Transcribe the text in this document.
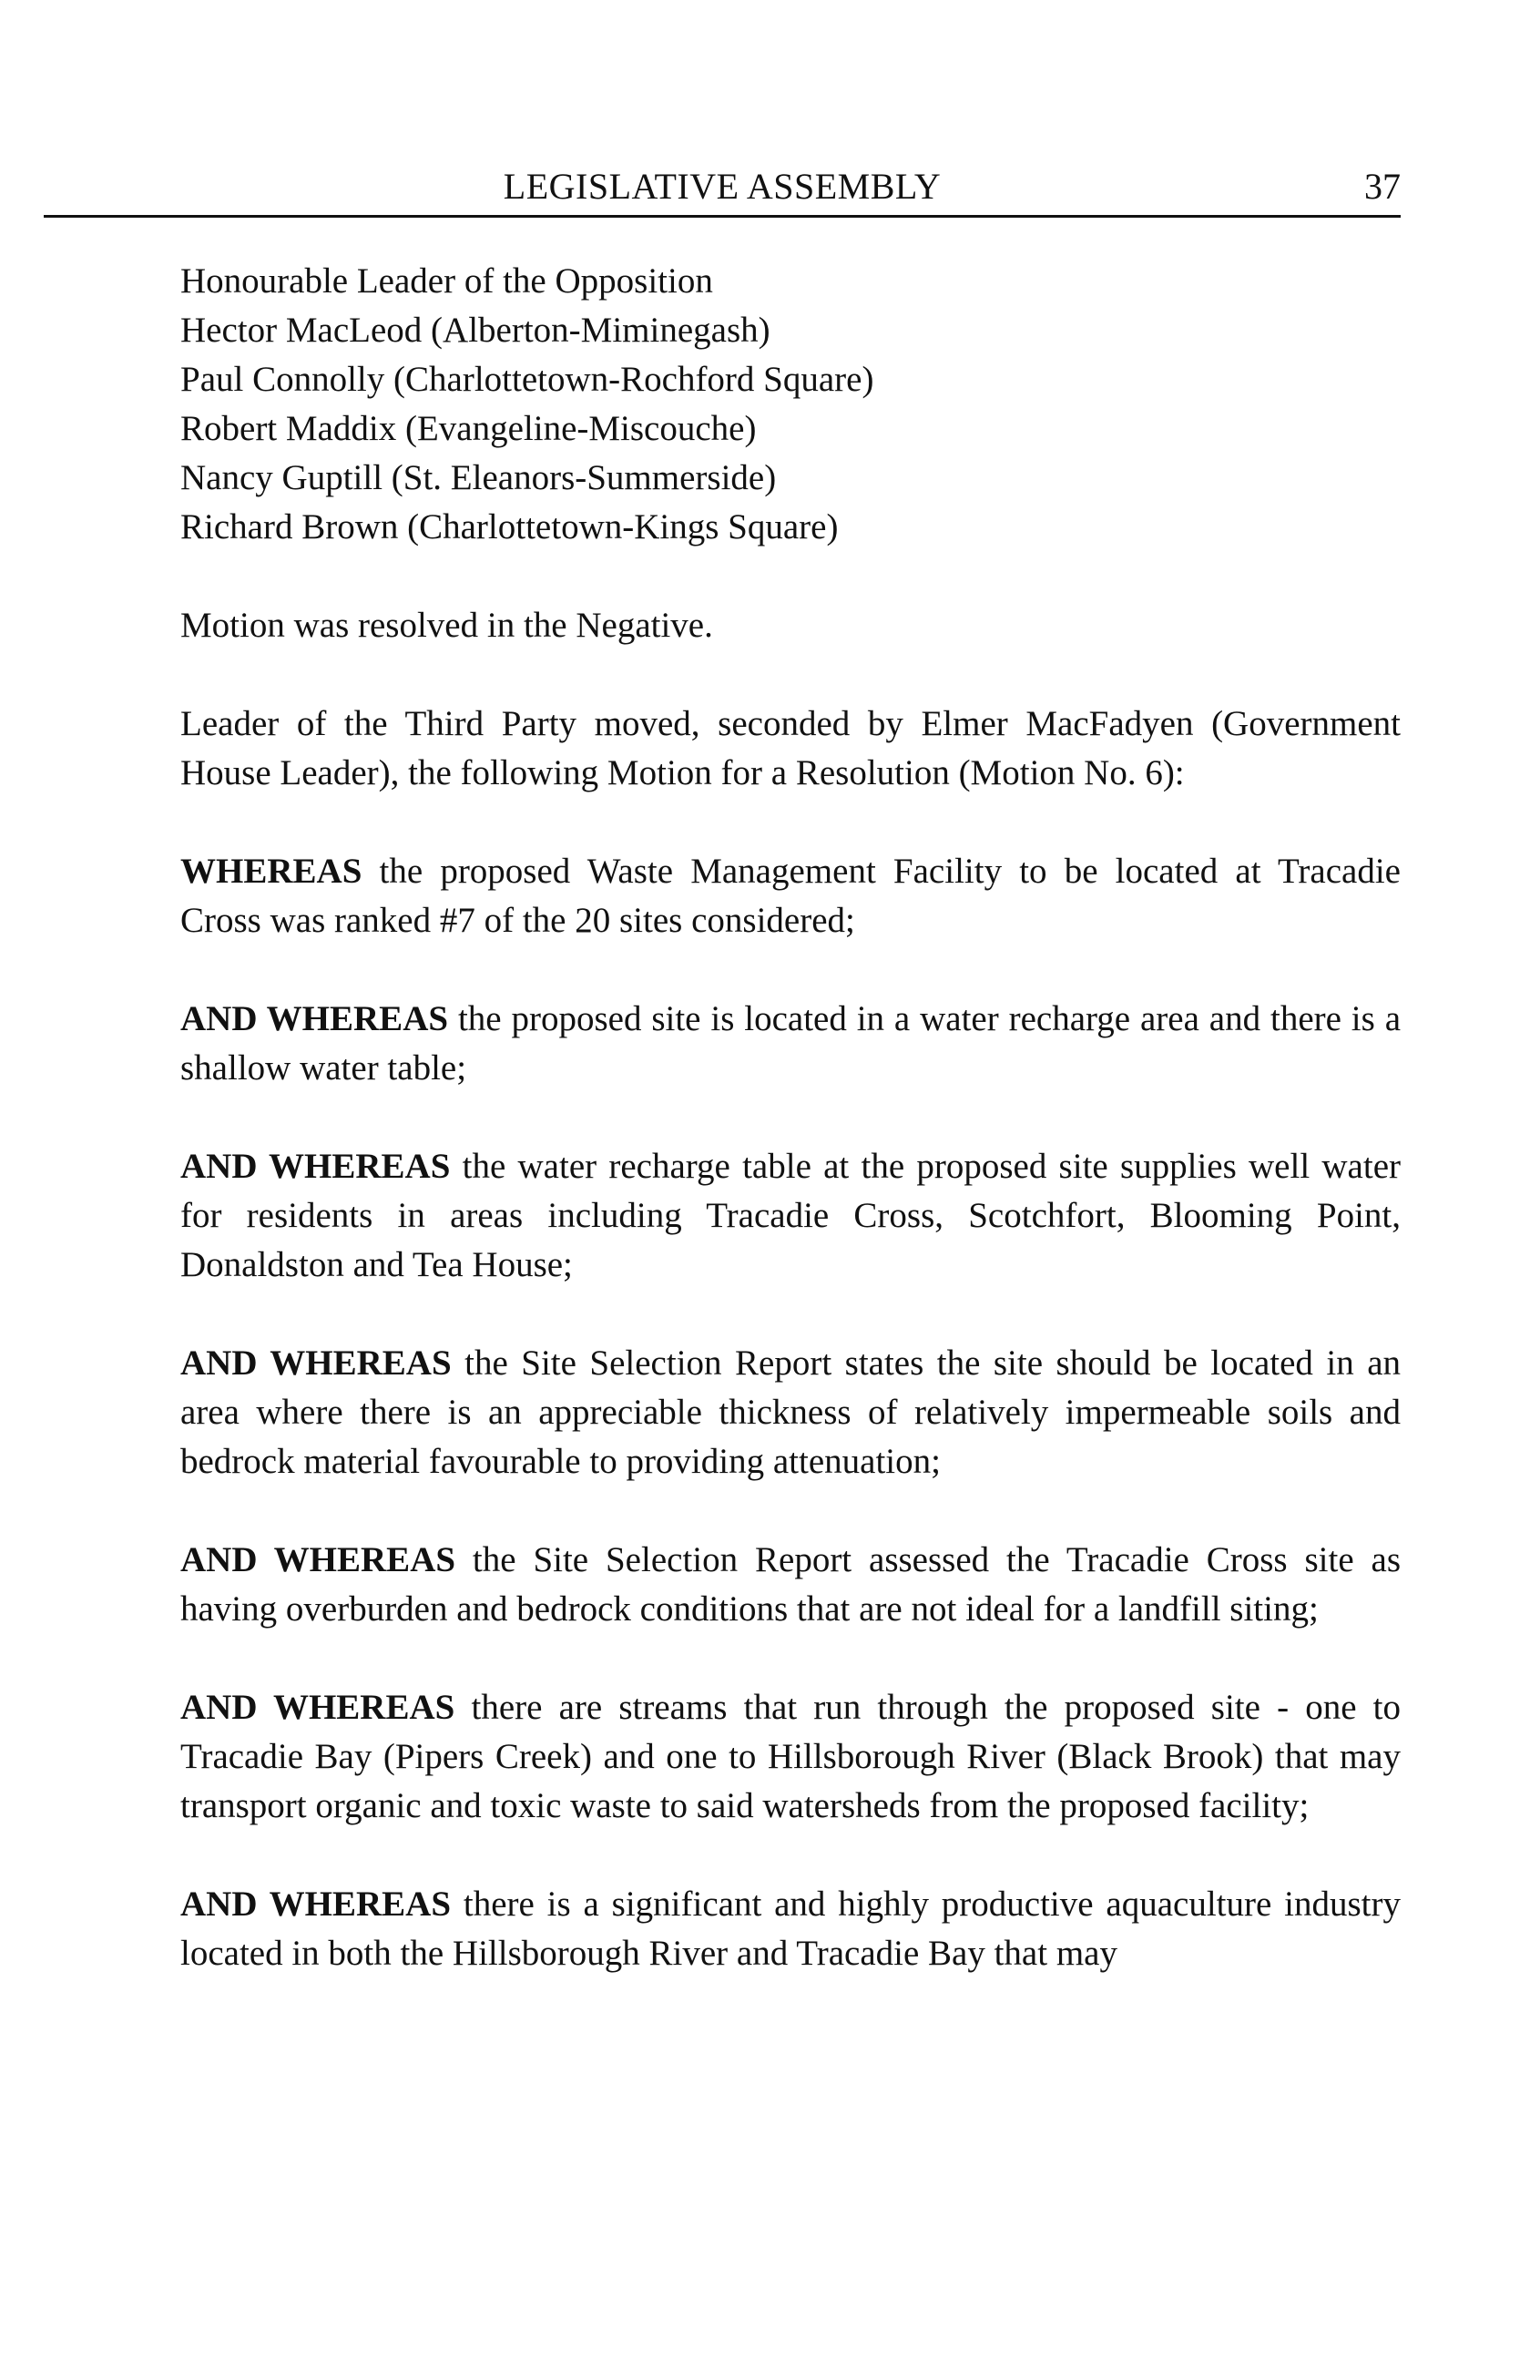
LEGISLATIVE ASSEMBLY	37
Honourable Leader of the Opposition
Hector MacLeod (Alberton-Miminegash)
Paul Connolly (Charlottetown-Rochford Square)
Robert Maddix (Evangeline-Miscouche)
Nancy Guptill (St. Eleanors-Summerside)
Richard Brown (Charlottetown-Kings Square)

Motion was resolved in the Negative.

Leader of the Third Party moved, seconded by Elmer MacFadyen (Government House Leader), the following Motion for a Resolution (Motion No. 6):

WHEREAS the proposed Waste Management Facility to be located at Tracadie Cross was ranked #7 of the 20 sites considered;

AND WHEREAS the proposed site is located in a water recharge area and there is a shallow water table;

AND WHEREAS the water recharge table at the proposed site supplies well water for residents in areas including Tracadie Cross, Scotchfort, Blooming Point, Donaldston and Tea House;

AND WHEREAS the Site Selection Report states the site should be located in an area where there is an appreciable thickness of relatively impermeable soils and bedrock material favourable to providing attenuation;

AND WHEREAS the Site Selection Report assessed the Tracadie Cross site as having overburden and bedrock conditions that are not ideal for a landfill siting;

AND WHEREAS there are streams that run through the proposed site - one to Tracadie Bay (Pipers Creek) and one to Hillsborough River (Black Brook) that may transport organic and toxic waste to said watersheds from the proposed facility;

AND WHEREAS there is a significant and highly productive aquaculture industry located in both the Hillsborough River and Tracadie Bay that may
